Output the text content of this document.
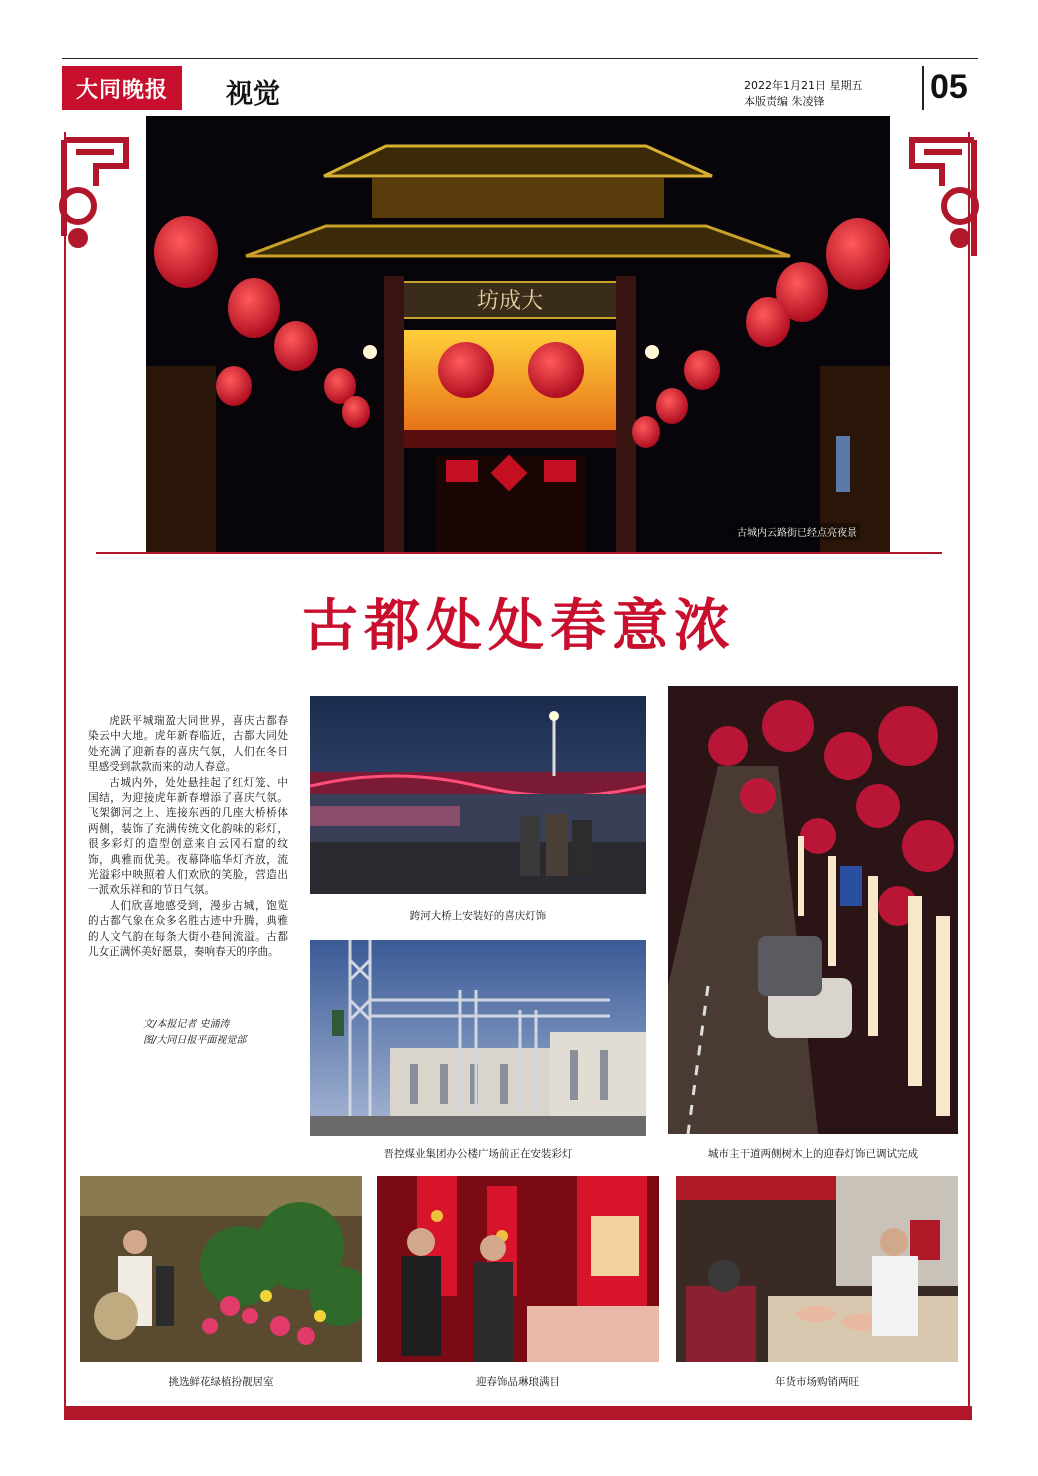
大同晚报	视觉	2022年1月21日 星期五
本版责编 朱凌锋	05
坊成大
古城内云路街已经点亮夜景
古都处处春意浓

虎跃平城瑞盈大同世界，喜庆古都春染云中大地。虎年新春临近，古都大同处处充满了迎新春的喜庆气氛，人们在冬日里感受到款款而来的动人春意。

古城内外，处处悬挂起了红灯笼、中国结，为迎接虎年新春增添了喜庆气氛。飞架御河之上、连接东西的几座大桥桥体两侧，装饰了充满传统文化韵味的彩灯，很多彩灯的造型创意来自云冈石窟的纹饰，典雅而优美。夜幕降临华灯齐放，流光溢彩中映照着人们欢欣的笑脸，营造出一派欢乐祥和的节日气氛。

人们欣喜地感受到，漫步古城，饱览的古都气象在众多名胜古迹中升腾，典雅的人文气韵在每条大街小巷间流溢。古都儿女正满怀美好愿景，奏响春天的序曲。

文/本报记者 史涌涛
图/大同日报平面视觉部
跨河大桥上安装好的喜庆灯饰
晋控煤业集团办公楼广场前正在安装彩灯	城市主干道两侧树木上的迎春灯饰已调试完成
挑选鲜花绿植扮靓居室	迎春饰品琳琅满目	年货市场购销两旺
